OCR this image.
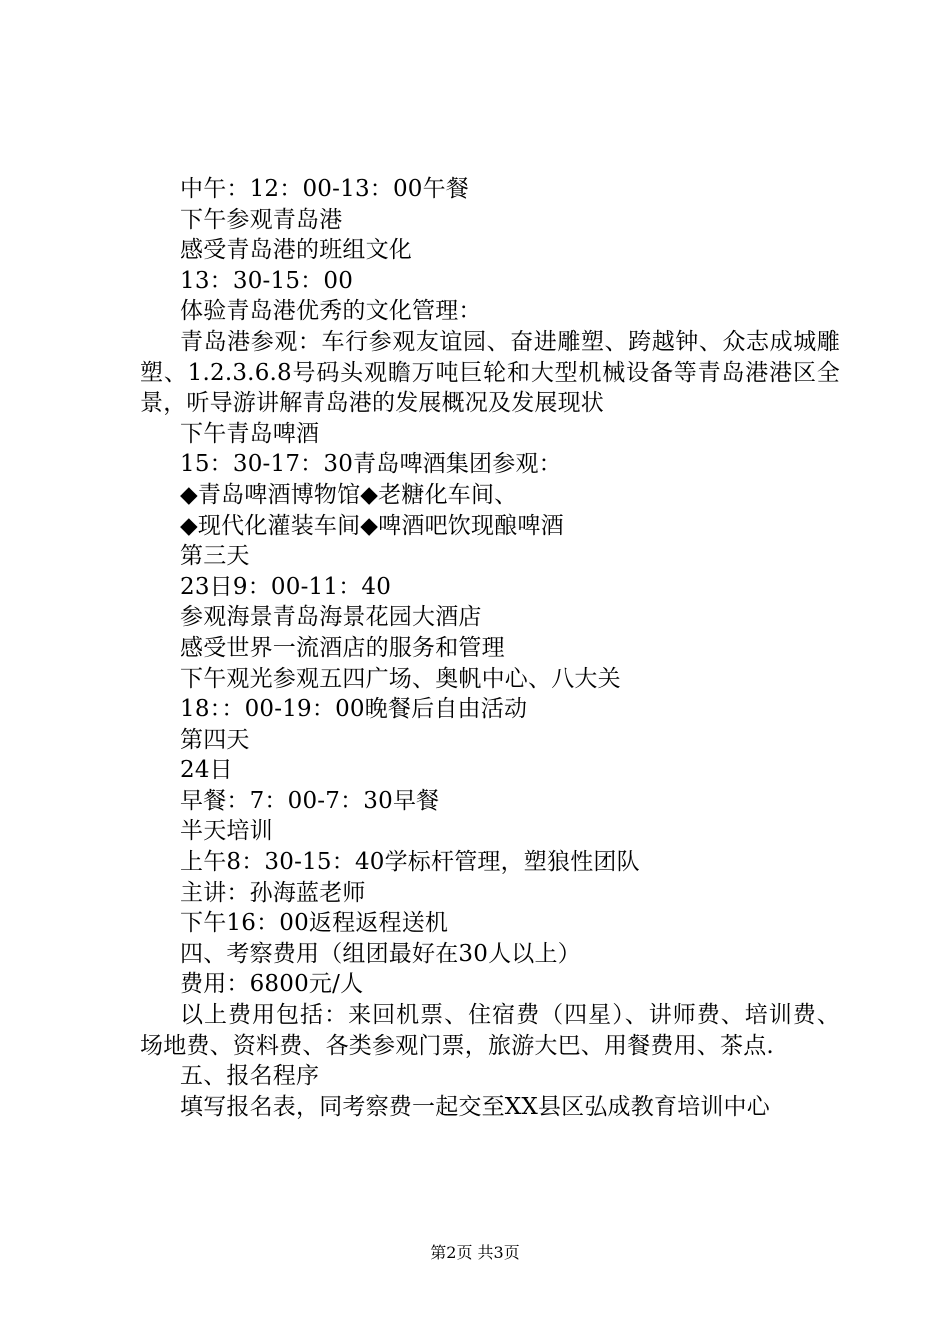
中午：12：00-13：00午餐
下午参观青岛港
感受青岛港的班组文化
13：30-15：00
体验青岛港优秀的文化管理：

青岛港参观：车行参观友谊园、奋进雕塑、跨越钟、众志成城雕塑、1.2.3.6.8号码头观瞻万吨巨轮和大型机械设备等青岛港港区全景，听导游讲解青岛港的发展概况及发展现状

下午青岛啤酒
15：30-17：30青岛啤酒集团参观：
◆青岛啤酒博物馆◆老糖化车间、
◆现代化灌装车间◆啤酒吧饮现酿啤酒
第三天
23日9：00-11：40
参观海景青岛海景花园大酒店
感受世界一流酒店的服务和管理
下午观光参观五四广场、奥帆中心、八大关
18：：00-19：00晚餐后自由活动
第四天
24日
早餐：7：00-7：30早餐
半天培训
上午8：30-15：40学标杆管理，塑狼性团队
主讲：孙海蓝老师
下午16：00返程返程送机
四、考察费用（组团最好在30人以上）
费用：6800元/人

以上费用包括：来回机票、住宿费（四星）、讲师费、培训费、场地费、资料费、各类参观门票，旅游大巴、用餐费用、茶点.

五、报名程序
填写报名表，同考察费一起交至XX县区弘成教育培训中心
第2页 共3页
